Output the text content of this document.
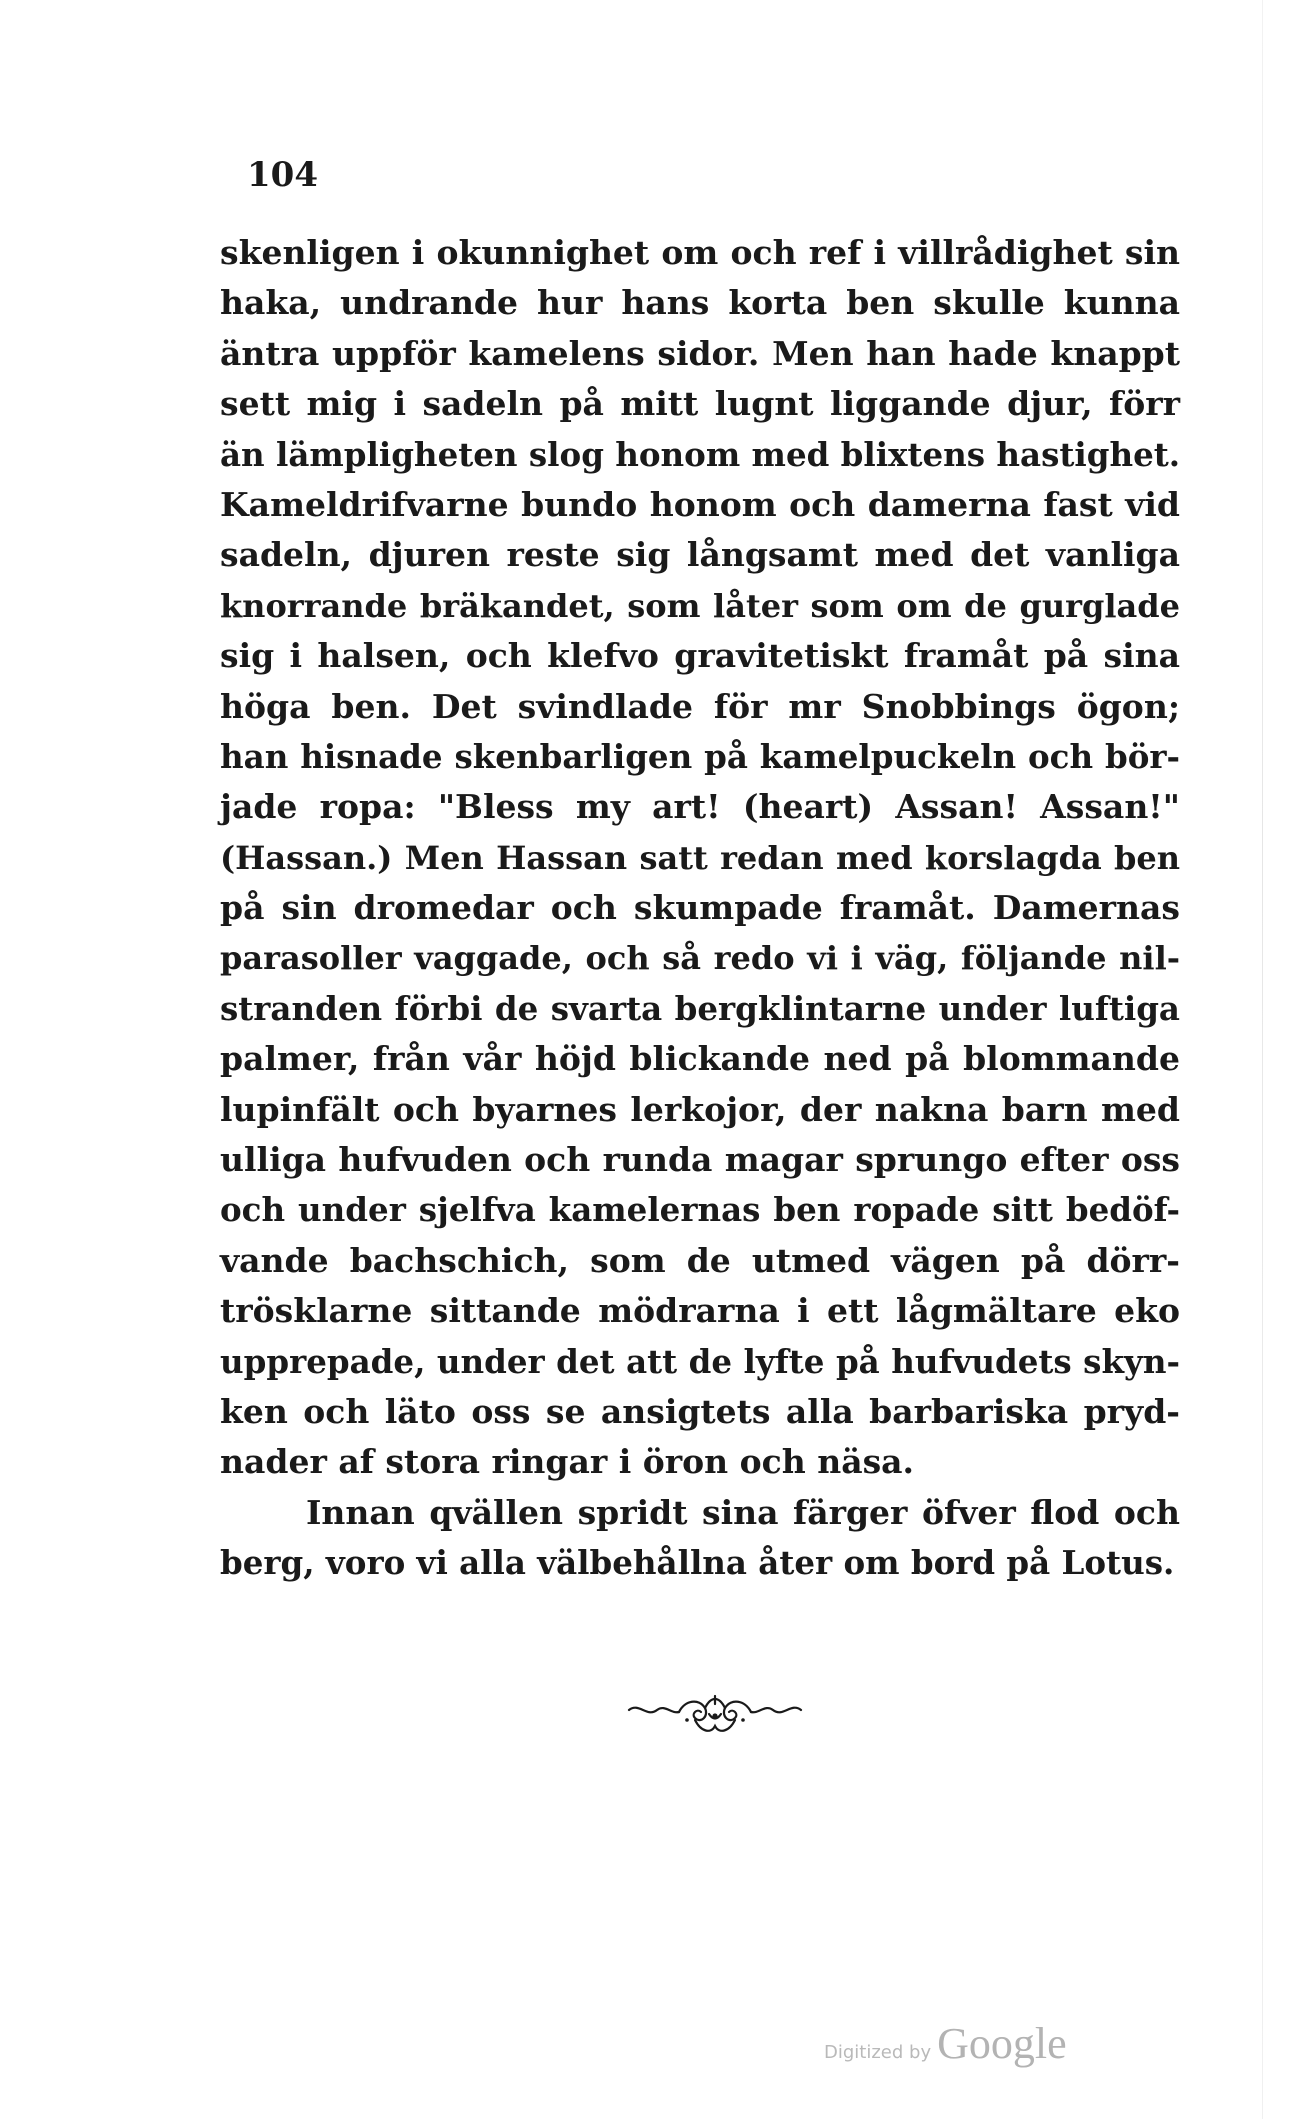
104
skenligen i okunnighet om och ref i villrådighet sin
haka, undrande hur hans korta ben skulle kunna
äntra uppför kamelens sidor. Men han hade knappt
sett mig i sadeln på mitt lugnt liggande djur, förr
än lämpligheten slog honom med blixtens hastighet.
Kameldrifvarne bundo honom och damerna fast vid
sadeln, djuren reste sig långsamt med det vanliga
knorrande bräkandet, som låter som om de gurglade
sig i halsen, och klefvo gravitetiskt framåt på sina
höga ben. Det svindlade för mr Snobbings ögon;
han hisnade skenbarligen på kamelpuckeln och bör-
jade ropa: "Bless my art! (heart) Assan! Assan!"
(Hassan.) Men Hassan satt redan med korslagda ben
på sin dromedar och skumpade framåt. Damernas
parasoller vaggade, och så redo vi i väg, följande nil-
stranden förbi de svarta bergklintarne under luftiga
palmer, från vår höjd blickande ned på blommande
lupinfält och byarnes lerkojor, der nakna barn med
ulliga hufvuden och runda magar sprungo efter oss
och under sjelfva kamelernas ben ropade sitt bedöf-
vande bachschich, som de utmed vägen på dörr-
trösklarne sittande mödrarna i ett lågmältare eko
upprepade, under det att de lyfte på hufvudets skyn-
ken och läto oss se ansigtets alla barbariska pryd-
nader af stora ringar i öron och näsa.
Innan qvällen spridt sina färger öfver flod och
berg, voro vi alla välbehållna åter om bord på Lotus.
Digitized by Google
